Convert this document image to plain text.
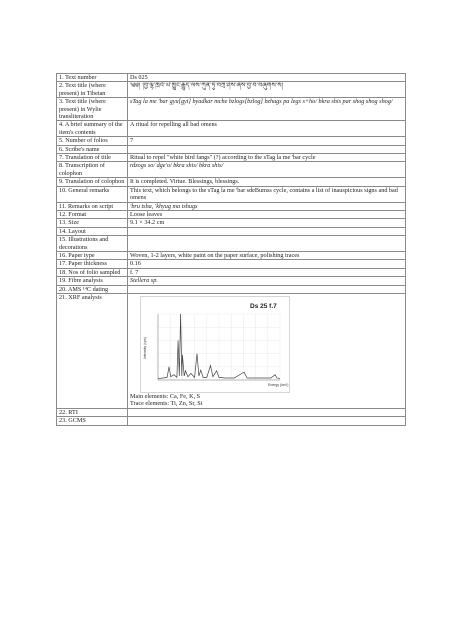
1. Text number	Ds 025
2. Text title (where present) in Tibetan	༄༅། །བྱ་ལྷ་ཁྲའི་ཡེ་ཁྱུང་རྒྱུད་ལས་ཀུན་ཏུ་བཀྲ་ཤིས་ཞེས་བྱ་བ་བཞུགས་སོ།
3. Text title (where present) in Wylie transliteration	sTag la me 'bar gyu[gyi] byadkar mche bzlogs[bzlog] bzhugs pa legs s+ho/ bkra shis par shog shog shog/
4. A brief summary of the item's contents	A ritual for repelling all bad omens
5. Number of folios	7
6. Scribe's name	
7. Translation of title	Ritual to repel "white bird fangs" (?) according to the sTag la me 'bar cycle
8. Transcription of colophon	rdzogs so/ dge'o/ bkra shis/ bkra shis/
9. Translation of colophon	It is completed. Virtue. Blessings, blessings.
10. General remarks	This text, which belongs to the sTag la me 'bar sdeBumss cycle, contains a list of inauspicious signs and bad omens
11. Remarks on script	'bru tsha, 'khyug ma tshugs
12. Format	Loose leaves
13. Size	9.1 × 34.2 cm
14. Layout	
15. Illustrations and decorations	
16. Paper type	Woven, 1-2 layers, white paint on the paper surface, polishing traces
17. Paper thickness	0.16
18. Nos of folio sampled	f. 7
19. Fibre analysis	Stellera sp.
20. AMS ¹⁴C dating	
21. XRF analysis	Ds 25 f.7
Intensity (cps)
Energy (keV)
Main elements: Ca, Fe, K, S
Trace elements: Ti, Zn, Sr, Si

22. RTI	
23. GCMS	
